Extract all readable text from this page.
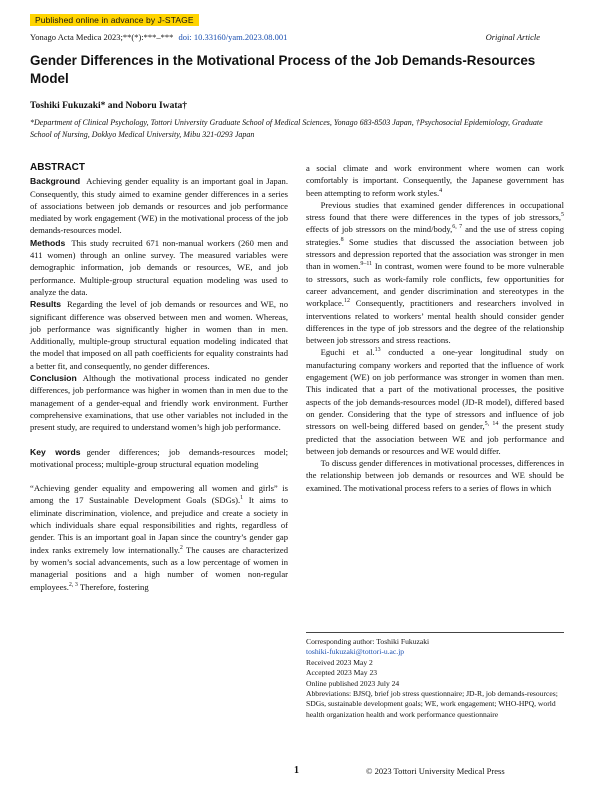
Published online in advance by J-STAGE
Yonago Acta Medica 2023;**(*):***–*** doi: 10.33160/yam.2023.08.001	Original Article
Gender Differences in the Motivational Process of the Job Demands-Resources Model
Toshiki Fukuzaki* and Noboru Iwata†
*Department of Clinical Psychology, Tottori University Graduate School of Medical Sciences, Yonago 683-8503 Japan, †Psychosocial Epidemiology, Graduate School of Nursing, Dokkyo Medical University, Mibu 321-0293 Japan
ABSTRACT

Background Achieving gender equality is an important goal in Japan. Consequently, this study aimed to examine gender differences in a series of associations between job demands or resources and job performance mediated by work engagement (WE) in the motivational process of the job demands-resources model.

Methods This study recruited 671 non-manual workers (260 men and 411 women) through an online survey. The measured variables were demographic information, job demands or resources, WE, and job performance. Multiple-group structural equation modeling was used to analyze the data.

Results Regarding the level of job demands or resources and WE, no significant difference was observed between men and women. Whereas, job performance was significantly higher in women than in men. Additionally, multiple-group structural equation modeling indicated that the model that imposed on all path coefficients for equality constraints had a better fit, and consequently, no gender differences.

Conclusion Although the motivational process indicated no gender differences, job performance was higher in women than in men due to the management of a gender-equal and friendly work environment. Further comprehensive examinations, that use other variables not included in the present study, are required to understand women’s high job performance.

Key words gender differences; job demands-resources model; motivational process; multiple-group structural equation modeling

“Achieving gender equality and empowering all women and girls” is among the 17 Sustainable Development Goals (SDGs).$^1$ It aims to eliminate discrimination, violence, and prejudice and create a society in which individuals share equal responsibilities and rights, regardless of gender. This is an important goal in Japan since the country’s gender gap index ranks extremely low internationally.$^2$ The causes are characterized by women’s social advancements, such as a low percentage of women in managerial positions and a high number of women non-regular employees.$^{2, 3}$ Therefore, fostering

a social climate and work environment where women can work comfortably is important. Consequently, the Japanese government has been attempting to reform work styles.$^4$

Previous studies that examined gender differences in occupational stress found that there were differences in the types of job stressors,$^5$ effects of job stressors on the mind/body,$^{6, 7}$ and the use of stress coping strategies.$^8$ Some studies that discussed the association between job stressors and depression reported that the association was stronger in men than in women.$^{9-11}$ In contrast, women were found to be more vulnerable to stressors, such as work-family role conflicts, few opportunities for career advancement, and gender discrimination and stereotypes in the workplace.$^{12}$ Consequently, practitioners and researchers involved in interventions related to workers’ mental health should consider gender differences in the type of job stressors and the degree of the relationship between job stressors and stress reactions.

Eguchi et al.$^{13}$ conducted a one-year longitudinal study on manufacturing company workers and reported that the influence of work engagement (WE) on job performance was stronger in women than men. This indicated that a part of the motivational processes, the positive aspects of the job demands-resources model (JD-R model), differed based on gender. Considering that the type of stressors and influence of job stressors on well-being differed based on gender,$^{5, 14}$ the present study predicted that the association between WE and job performance and between job demands or resources and WE would differ.

To discuss gender differences in motivational processes, differences in the relationship between job demands or resources and WE should be examined. The motivational process refers to a series of flows in which

Corresponding author: Toshiki Fukuzaki
toshiki-fukuzaki@tottori-u.ac.jp
Received 2023 May 2
Accepted 2023 May 23
Online published 2023 July 24
Abbreviations: BJSQ, brief job stress questionnaire; JD-R, job demands-resources; SDGs, sustainable development goals; WE, work engagement; WHO-HPQ, world health organization health and work performance questionnaire
1	© 2023 Tottori University Medical Press
